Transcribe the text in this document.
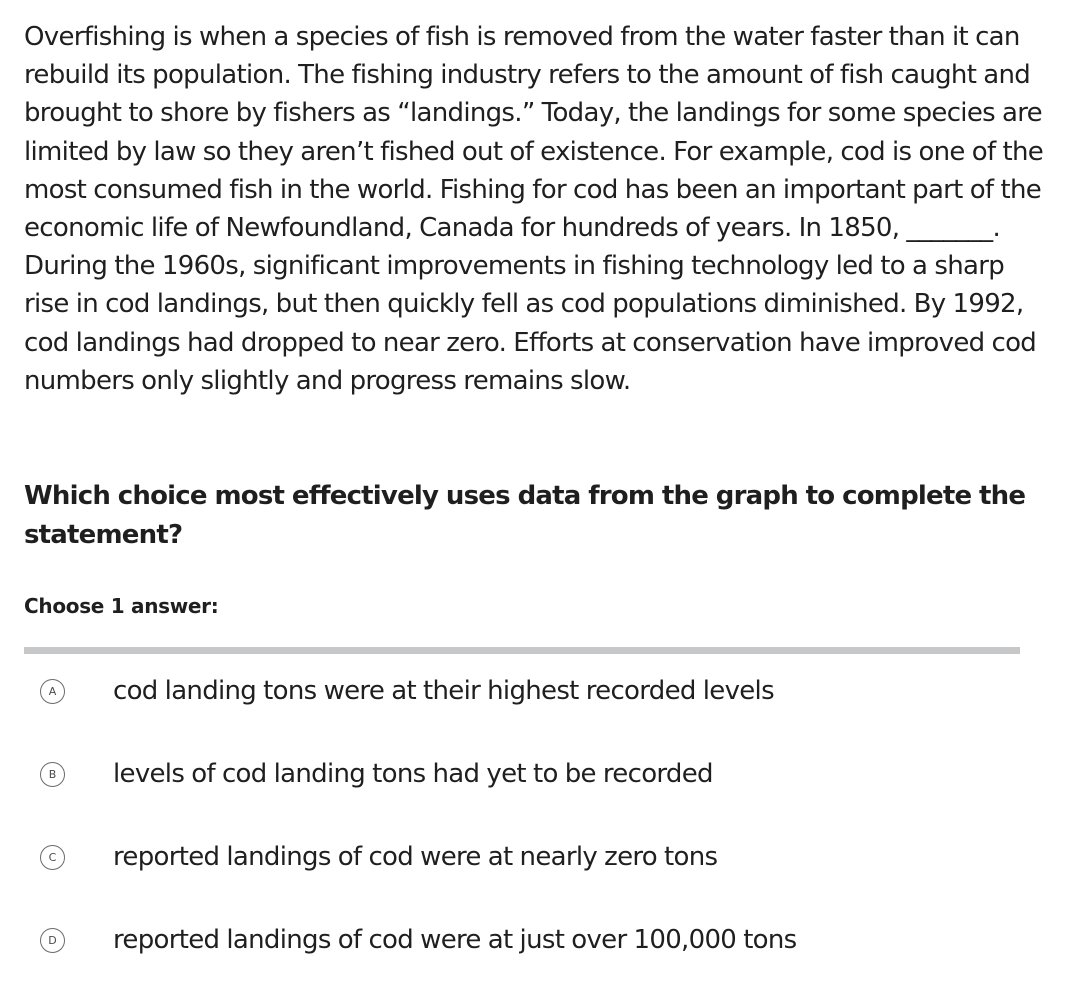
Overfishing is when a species of fish is removed from the water faster than it can rebuild its population. The fishing industry refers to the amount of fish caught and brought to shore by fishers as “landings.” Today, the landings for some species are limited by law so they aren’t fished out of existence. For example, cod is one of the most consumed fish in the world. Fishing for cod has been an important part of the economic life of Newfoundland, Canada for hundreds of years. In 1850, _______. During the 1960s, significant improvements in fishing technology led to a sharp rise in cod landings, but then quickly fell as cod populations diminished. By 1992, cod landings had dropped to near zero. Efforts at conservation have improved cod numbers only slightly and progress remains slow.

Which choice most effectively uses data from the graph to complete the statement?

Choose 1 answer:

A	cod landing tons were at their highest recorded levels
B	levels of cod landing tons had yet to be recorded
C	reported landings of cod were at nearly zero tons
D	reported landings of cod were at just over 100,000 tons
